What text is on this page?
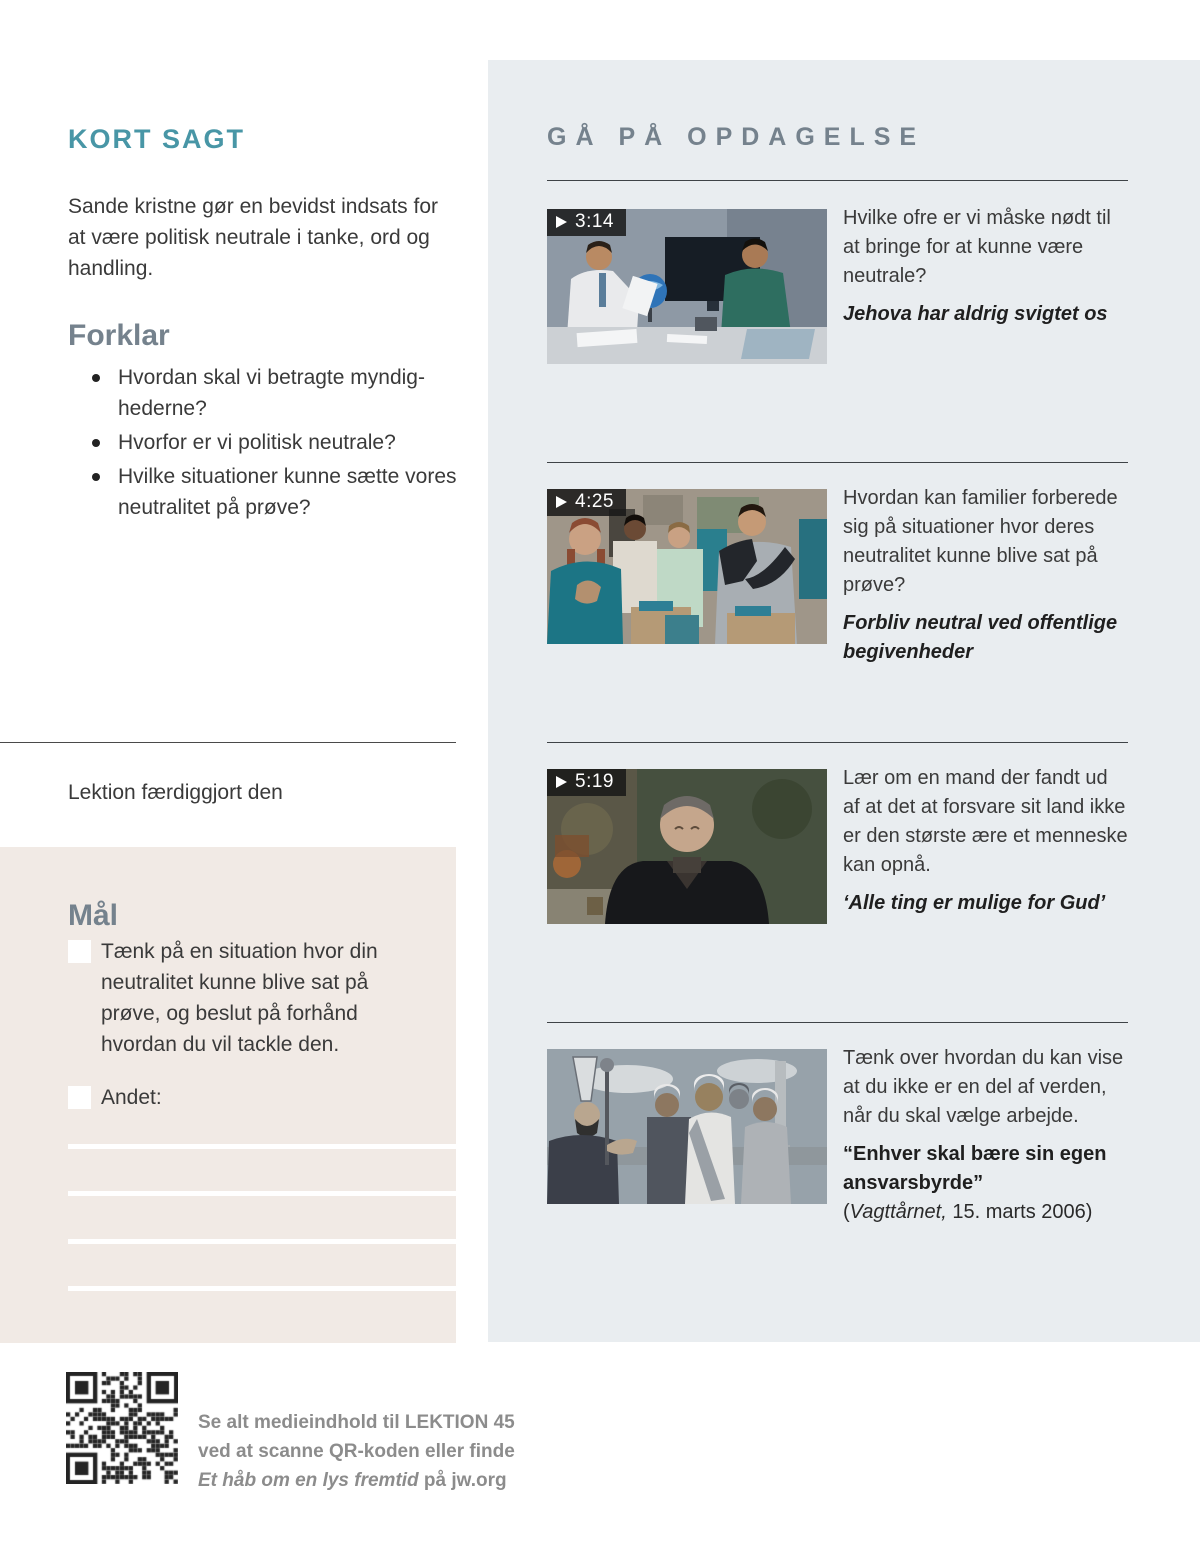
KORT SAGT

Sande kristne gør en bevidst indsats for at være politisk neutrale i tanke, ord og handling.

Forklar
Hvordan skal vi betragte myndighederne?
Hvorfor er vi politisk neutrale?
Hvilke situationer kunne sætte vores neutralitet på prøve?

Lektion færdiggjort den

Mål
Tænk på en situation hvor din neutralitet kunne blive sat på prøve, og beslut på forhånd hvordan du vil tackle den.
Andet:
Se alt medieindhold til LEKTION 45
ved at scanne QR-koden eller finde
Et håb om en lys fremtid på jw.org
GÅ PÅ OPDAGELSE
3:14	Hvilke ofre er vi måske nødt til at bringe for at kunne være neutrale?
Jehova har aldrig svigtet os
4:25	Hvordan kan familier forberede sig på situationer hvor deres neutralitet kunne blive sat på prøve?
Forbliv neutral ved offentlige begivenheder
5:19	Lær om en mand der fandt ud af at det at forsvare sit land ikke er den største ære et menneske kan opnå.
‘Alle ting er mulige for Gud’
Tænk over hvordan du kan vise at du ikke er en del af verden, når du skal vælge arbejde.
“Enhver skal bære sin egen ansvarsbyrde”
(Vagttårnet, 15. marts 2006)
